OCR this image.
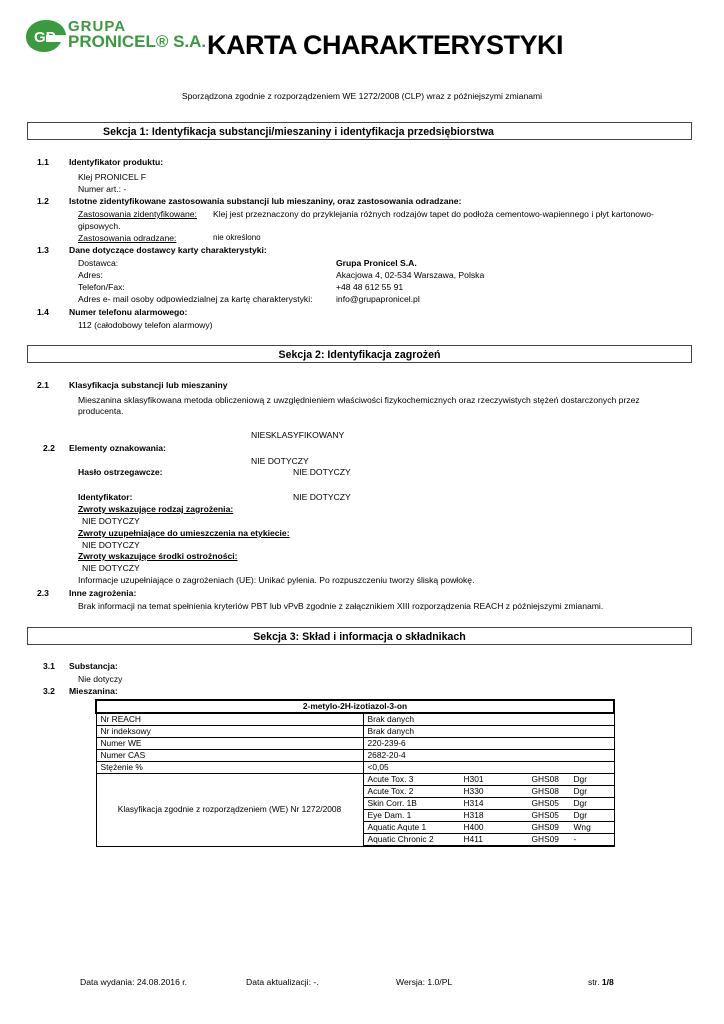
GP
GRUPA
PRONICEL® S.A. KARTA CHARAKTERYSTYKI
Sporządzona zgodnie z rozporządzeniem WE 1272/2008 (CLP) wraz z późniejszymi zmianami
Sekcja 1: Identyfikacja substancji/mieszaniny i identyfikacja przedsiębiorstwa
1.1 Identyfikator produktu:
Klej PRONICEL F
Numer art.: -
1.2 Istotne zidentyfikowane zastosowania substancji lub mieszaniny, oraz zastosowania odradzane:
Zastosowania zidentyfikowane: Klej jest przeznaczony do przyklejania różnych rodzajów tapet do podłoża cementowo-wapiennego i płyt kartonowo-
gipsowych.
Zastosowania odradzane:	nie określono
1.3 Dane dotyczące dostawcy karty charakterystyki:
Dostawca:	Grupa Pronicel S.A.
Adres:	Akacjowa 4, 02-534 Warszawa, Polska
Telefon/Fax:	+48 48 612 55 91
Adres e- mail osoby odpowiedzialnej za kartę charakterystyki:	info@grupapronicel.pl
1.4 Numer telefonu alarmowego:
112 (całodobowy telefon alarmowy)
Sekcja 2: Identyfikacja zagrożeń
2.1 Klasyfikacja substancji lub mieszaniny
Mieszanina sklasyfikowana metoda obliczeniową z uwzględnieniem właściwości fizykochemicznych oraz rzeczywistych stężeń dostarczonych przez
producenta.
NIESKLASYFIKOWANY
2.2 Elementy oznakowania:
NIE DOTYCZY
Hasło ostrzegawcze:	NIE DOTYCZY
Identyfikator:	NIE DOTYCZY
Zwroty wskazujące rodzaj zagrożenia:
NIE DOTYCZY
Zwroty uzupełniające do umieszczenia na etykiecie:
NIE DOTYCZY
Zwroty wskazujące środki ostrożności:
NIE DOTYCZY
Informacje uzupełniające o zagrożeniach (UE): Unikać pylenia. Po rozpuszczeniu tworzy śliską powłokę.
2.3 Inne zagrożenia:
Brak informacji na temat spełnienia kryteriów PBT lub vPvB zgodnie z załącznikiem XIII rozporządzenia REACH z późniejszymi zmianami.
Sekcja 3: Skład i informacja o składnikach
3.1 Substancja:
Nie dotyczy
3.2 Mieszanina:
2-metylo-2H-izotiazol-3-on	
Nr REACH	Brak danych
Nr indeksowy	Brak danych
Numer WE	220-239-6
Numer CAS	2682-20-4
Stężenie %	<0,05
Klasyfikacja zgodnie z rozporządzeniem (WE) Nr 1272/2008	Acute Tox. 3 H301 GHS08 Dgr

	Acute Tox. 2 H330 GHS08 Dgr

	Skin Corr. 1B H314 GHS05 Dgr

	Eye Dam. 1 H318 GHS05 Dgr

	Aquatic Aqute 1 H400 GHS09 Wng

	Aquatic Chronic 2 H411 GHS09 -

Data wydania: 24.08.2016 r.	Data aktualizacji: -.	Wersja: 1.0/PL	str. 1/8
